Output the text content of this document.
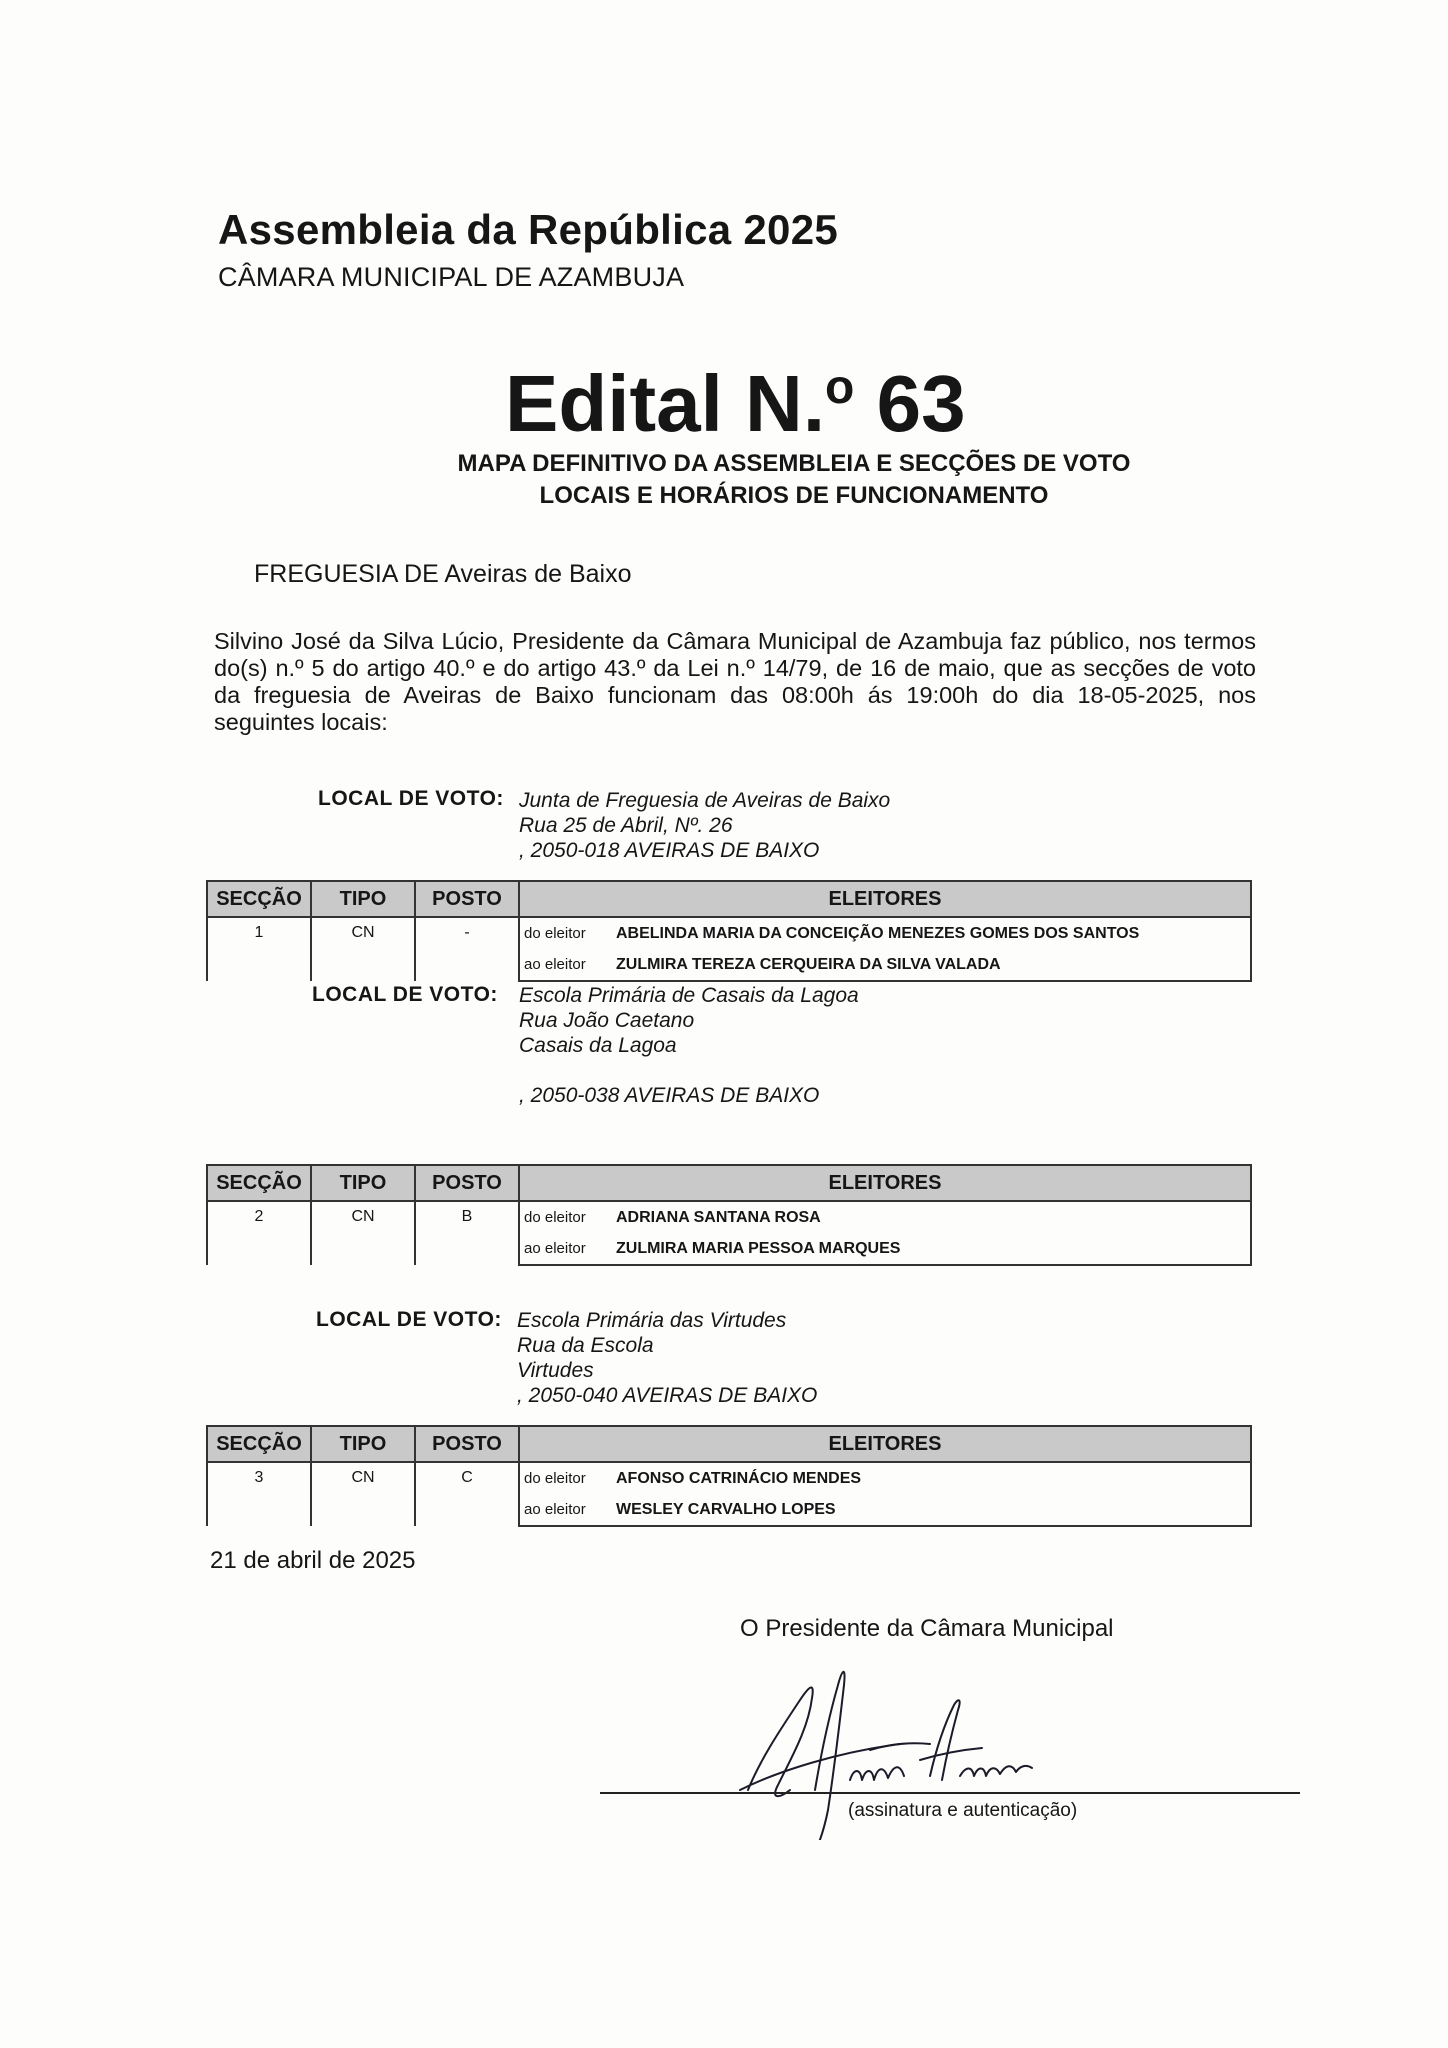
Assembleia da República 2025
CÂMARA MUNICIPAL DE AZAMBUJA
Edital N.$^o$ 63
MAPA DEFINITIVO DA ASSEMBLEIA E SECÇÕES DE VOTO
LOCAIS E HORÁRIOS DE FUNCIONAMENTO
FREGUESIA DE Aveiras de Baixo
Silvino José da Silva Lúcio, Presidente da Câmara Municipal de Azambuja faz público, nos termos do(s) n.º 5 do artigo 40.º e do artigo 43.º da Lei n.º 14/79, de 16 de maio, que as secções de voto da freguesia de Aveiras de Baixo funcionam das 08:00h ás 19:00h do dia 18-05-2025, nos seguintes locais:
LOCAL DE VOTO: Junta de Freguesia de Aveiras de Baixo
Rua 25 de Abril, Nº. 26
, 2050-018 AVEIRAS DE BAIXO
SECÇÃO	TIPO	POSTO	ELEITORES
1	CN	-	do eleitor ABELINDA MARIA DA CONCEIÇÃO MENEZES GOMES DOS SANTOS
			ao eleitor ZULMIRA TEREZA CERQUEIRA DA SILVA VALADA
LOCAL DE VOTO: Escola Primária de Casais da Lagoa
Rua João Caetano
Casais da Lagoa
, 2050-038 AVEIRAS DE BAIXO
SECÇÃO	TIPO	POSTO	ELEITORES
2	CN	B	do eleitor ADRIANA SANTANA ROSA
			ao eleitor ZULMIRA MARIA PESSOA MARQUES
LOCAL DE VOTO: Escola Primária das Virtudes
Rua da Escola
Virtudes
, 2050-040 AVEIRAS DE BAIXO
SECÇÃO	TIPO	POSTO	ELEITORES
3	CN	C	do eleitor AFONSO CATRINÁCIO MENDES
			ao eleitor WESLEY CARVALHO LOPES
21 de abril de 2025
O Presidente da Câmara Municipal
(assinatura e autenticação)
